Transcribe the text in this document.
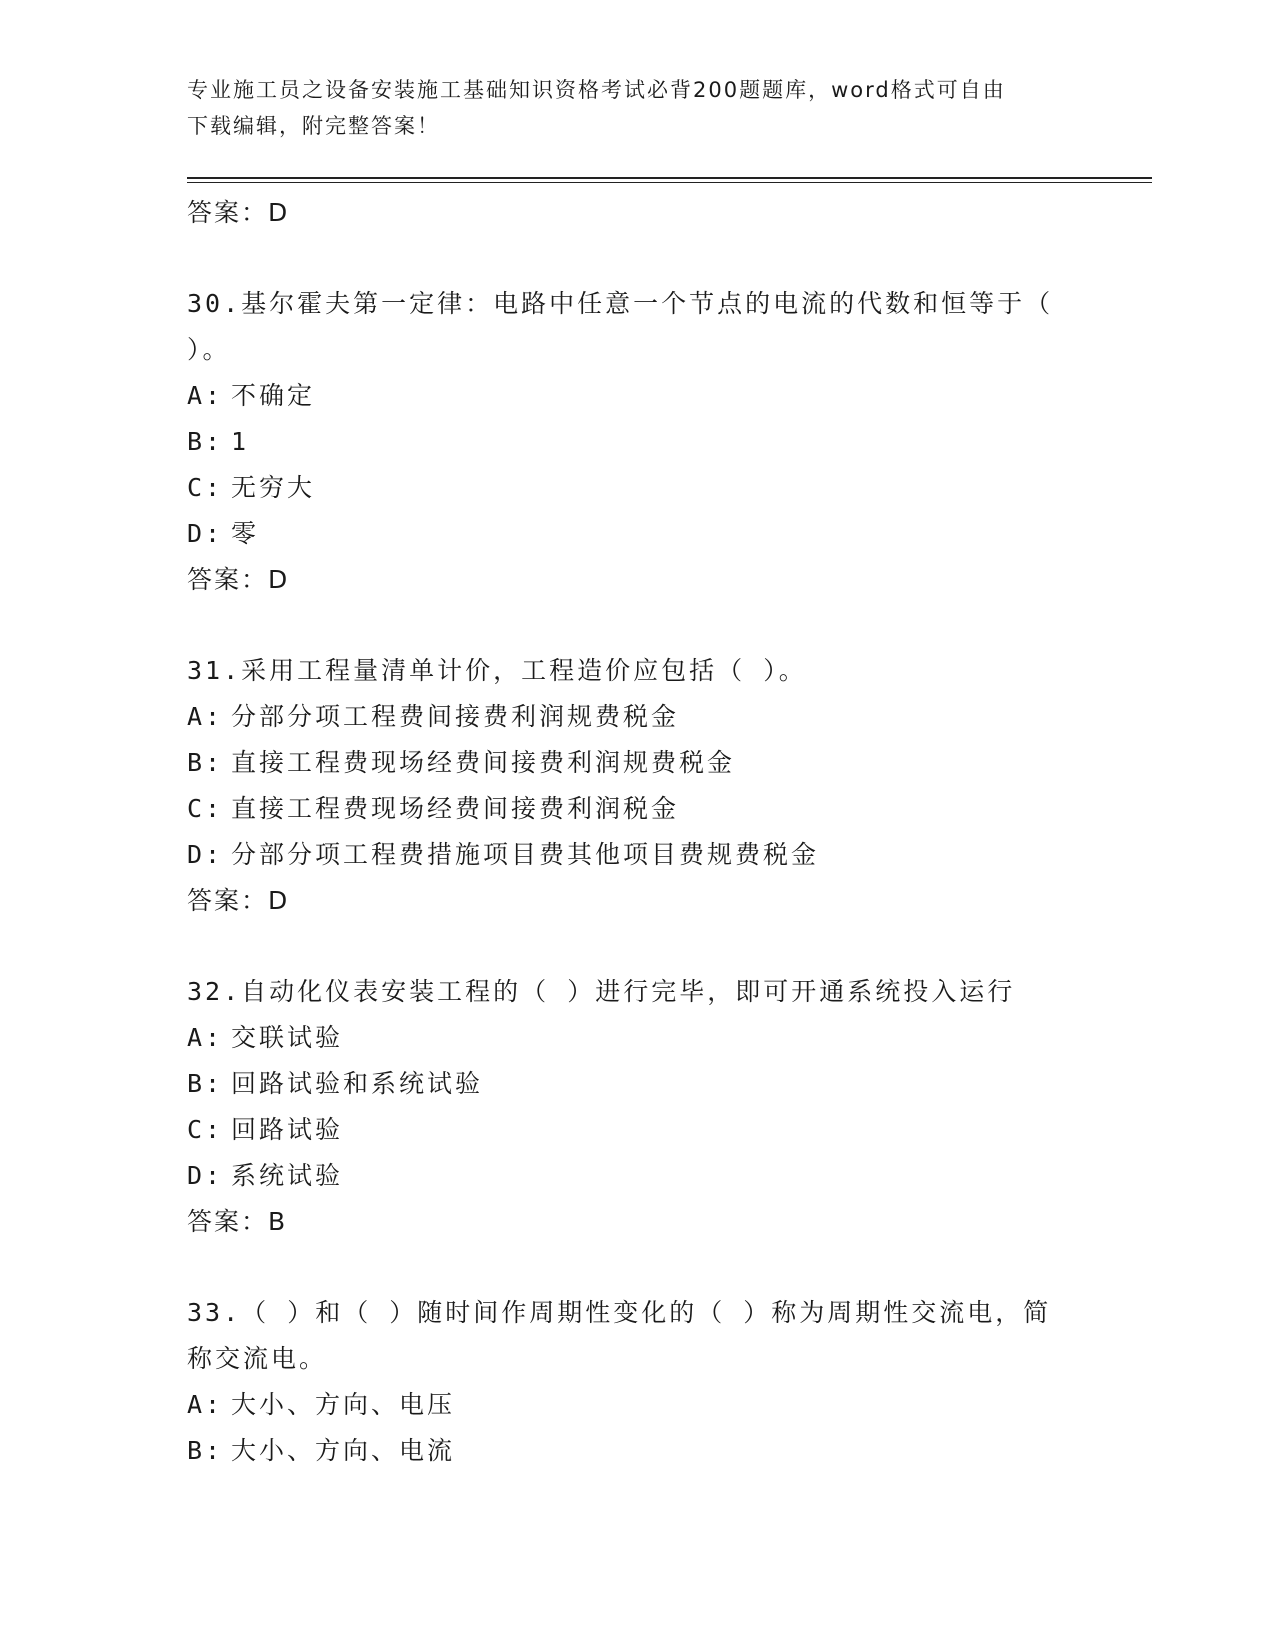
专业施工员之设备安装施工基础知识资格考试必背200题题库，word格式可自由
下载编辑，附完整答案！
答案：D
30.基尔霍夫第一定律：电路中任意一个节点的电流的代数和恒等于（
）。
A: 不确定
B: 1
C: 无穷大
D: 零
答案：D
31.采用工程量清单计价，工程造价应包括（ ）。
A: 分部分项工程费间接费利润规费税金
B: 直接工程费现场经费间接费利润规费税金
C: 直接工程费现场经费间接费利润税金
D: 分部分项工程费措施项目费其他项目费规费税金
答案：D
32.自动化仪表安装工程的（ ）进行完毕，即可开通系统投入运行
A: 交联试验
B: 回路试验和系统试验
C: 回路试验
D: 系统试验
答案：B
33.（ ）和（ ）随时间作周期性变化的（ ）称为周期性交流电，简
称交流电。
A: 大小、方向、电压
B: 大小、方向、电流
